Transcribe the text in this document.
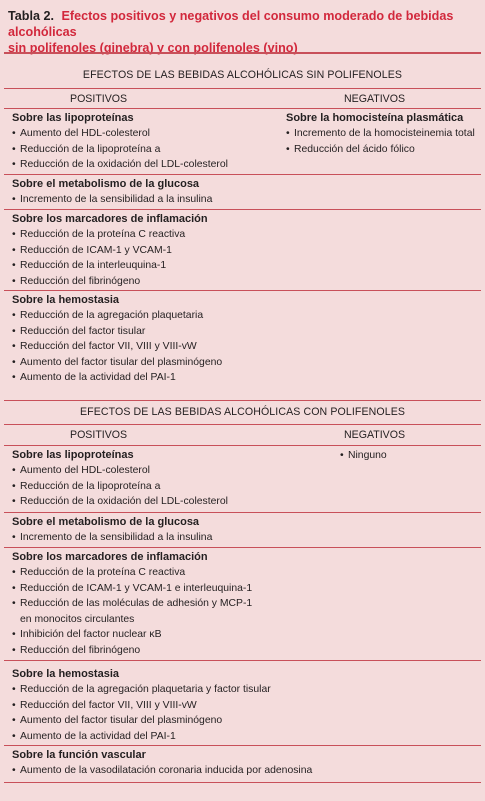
Tabla 2. Efectos positivos y negativos del consumo moderado de bebidas alcohólicas
sin polifenoles (ginebra) y con polifenoles (vino)
EFECTOS DE LAS BEBIDAS ALCOHÓLICAS SIN POLIFENOLES
POSITIVOS	NEGATIVOS
Sobre las lipoproteínas
• Aumento del HDL-colesterol
• Reducción de la lipoproteína a
• Reducción de la oxidación del LDL-colesterol
Sobre la homocisteína plasmática
• Incremento de la homocisteinemia total
• Reducción del ácido fólico
Sobre el metabolismo de la glucosa
• Incremento de la sensibilidad a la insulina
Sobre los marcadores de inflamación
• Reducción de la proteína C reactiva
• Reducción de ICAM-1 y VCAM-1
• Reducción de la interleuquina-1
• Reducción del fibrinógeno
Sobre la hemostasia
• Reducción de la agregación plaquetaria
• Reducción del factor tisular
• Reducción del factor VII, VIII y VIII-vW
• Aumento del factor tisular del plasminógeno
• Aumento de la actividad del PAI-1
EFECTOS DE LAS BEBIDAS ALCOHÓLICAS CON POLIFENOLES
POSITIVOS	NEGATIVOS
Sobre las lipoproteínas
• Aumento del HDL-colesterol
• Reducción de la lipoproteína a
• Reducción de la oxidación del LDL-colesterol
• Ninguno
Sobre el metabolismo de la glucosa
• Incremento de la sensibilidad a la insulina
Sobre los marcadores de inflamación
• Reducción de la proteína C reactiva
• Reducción de ICAM-1 y VCAM-1 e interleuquina-1
• Reducción de las moléculas de adhesión y MCP-1
en monocitos circulantes
• Inhibición del factor nuclear κB
• Reducción del fibrinógeno
Sobre la hemostasia
• Reducción de la agregación plaquetaria y factor tisular
• Reducción del factor VII, VIII y VIII-vW
• Aumento del factor tisular del plasminógeno
• Aumento de la actividad del PAI-1
Sobre la función vascular
• Aumento de la vasodilatación coronaria inducida por adenosina
